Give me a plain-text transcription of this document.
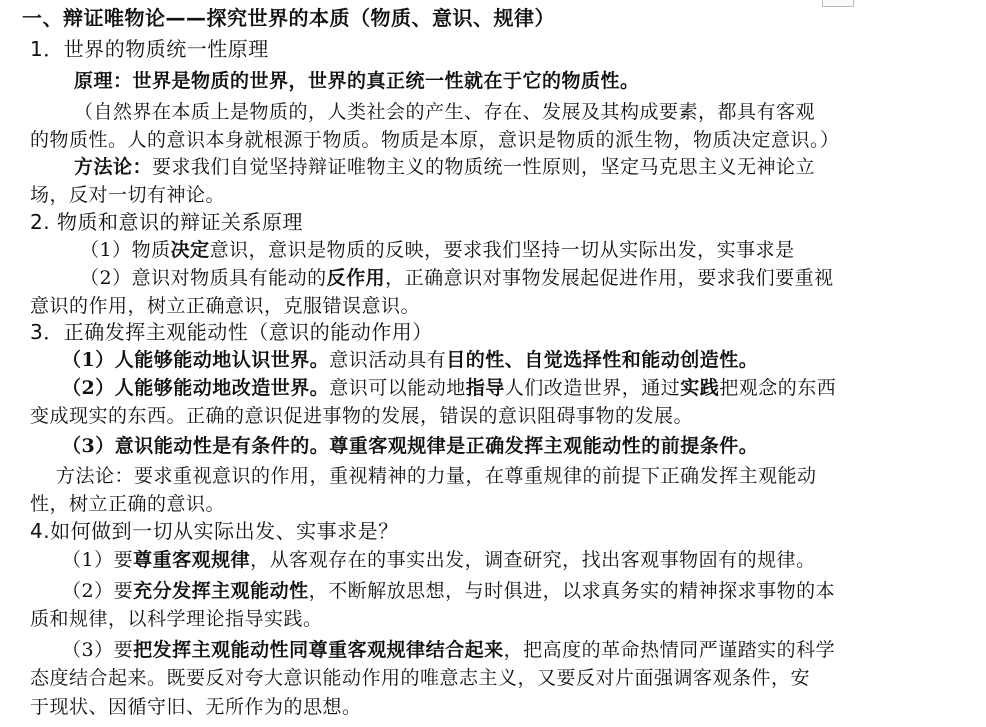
一、辩证唯物论——探究世界的本质（物质、意识、规律）
1．世界的物质统一性原理
原理：世界是物质的世界，世界的真正统一性就在于它的物质性。
（自然界在本质上是物质的，人类社会的产生、存在、发展及其构成要素，都具有客观
的物质性。人的意识本身就根源于物质。物质是本原，意识是物质的派生物，物质决定意识。）
方法论：要求我们自觉坚持辩证唯物主义的物质统一性原则，坚定马克思主义无神论立
场，反对一切有神论。
2. 物质和意识的辩证关系原理
（1）物质决定意识，意识是物质的反映，要求我们坚持一切从实际出发，实事求是
（2）意识对物质具有能动的反作用，正确意识对事物发展起促进作用，要求我们要重视
意识的作用，树立正确意识，克服错误意识。
3．正确发挥主观能动性（意识的能动作用）
（1）人能够能动地认识世界。意识活动具有目的性、自觉选择性和能动创造性。
（2）人能够能动地改造世界。意识可以能动地指导人们改造世界，通过实践把观念的东西
变成现实的东西。正确的意识促进事物的发展，错误的意识阻碍事物的发展。
（3）意识能动性是有条件的。尊重客观规律是正确发挥主观能动性的前提条件。
方法论：要求重视意识的作用，重视精神的力量，在尊重规律的前提下正确发挥主观能动
性，树立正确的意识。
4.如何做到一切从实际出发、实事求是？
（1）要尊重客观规律，从客观存在的事实出发，调查研究，找出客观事物固有的规律。
（2）要充分发挥主观能动性，不断解放思想，与时俱进，以求真务实的精神探求事物的本
质和规律，以科学理论指导实践。
（3）要把发挥主观能动性同尊重客观规律结合起来，把高度的革命热情同严谨踏实的科学
态度结合起来。既要反对夸大意识能动作用的唯意志主义，又要反对片面强调客观条件，安
于现状、因循守旧、无所作为的思想。
